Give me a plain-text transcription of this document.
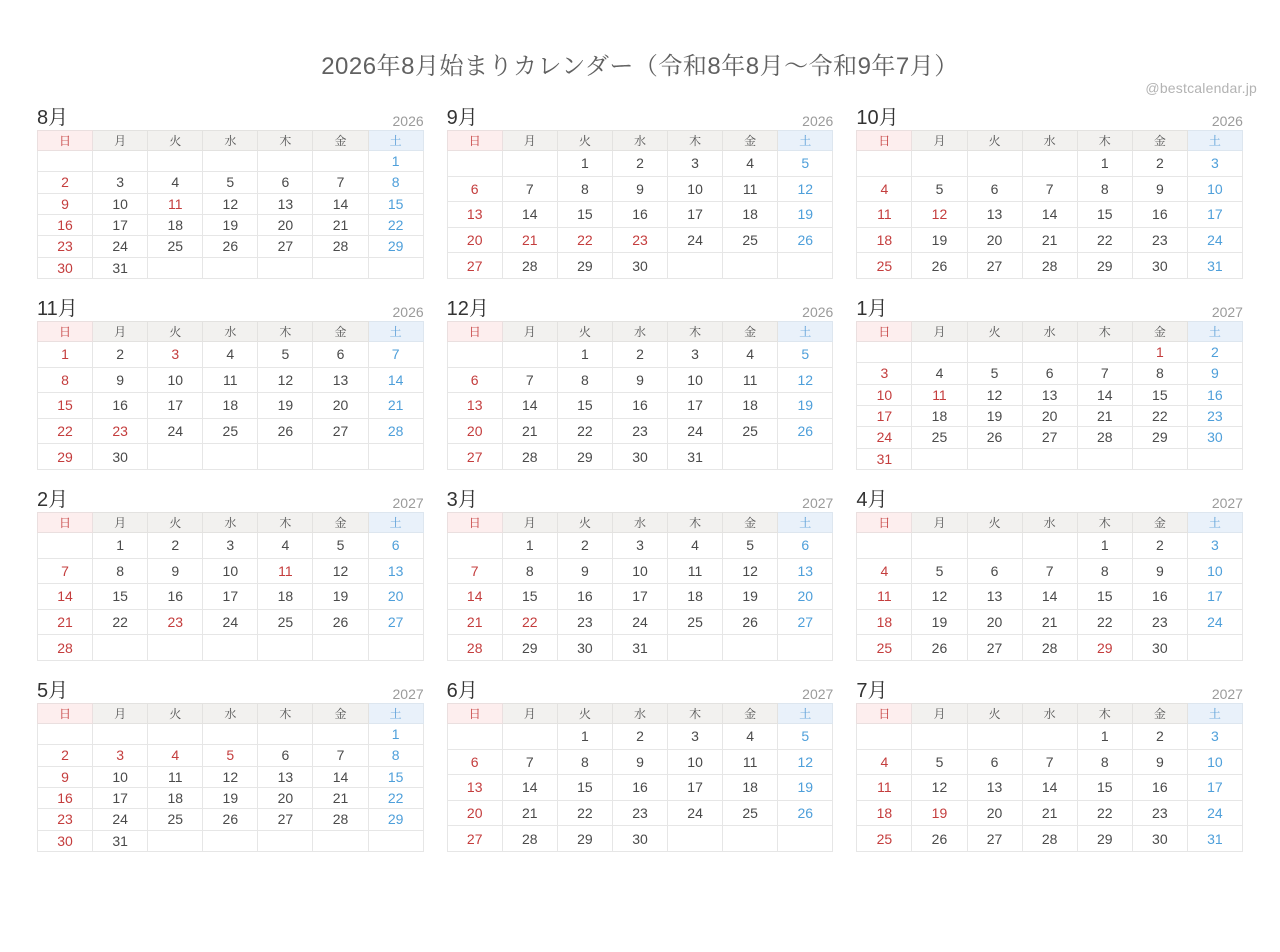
@bestcalendar.jp
2026年8月始まりカレンダー（令和8年8月～令和9年7月）
8月	2026
日	月	火	水	木	金	土
						1
2	3	4	5	6	7	8
9	10	11	12	13	14	15
16	17	18	19	20	21	22
23	24	25	26	27	28	29
30	31					
9月	2026
日	月	火	水	木	金	土
		1	2	3	4	5
6	7	8	9	10	11	12
13	14	15	16	17	18	19
20	21	22	23	24	25	26
27	28	29	30			
10月	2026
日	月	火	水	木	金	土
				1	2	3
4	5	6	7	8	9	10
11	12	13	14	15	16	17
18	19	20	21	22	23	24
25	26	27	28	29	30	31
11月	2026
日	月	火	水	木	金	土
1	2	3	4	5	6	7
8	9	10	11	12	13	14
15	16	17	18	19	20	21
22	23	24	25	26	27	28
29	30					
12月	2026
日	月	火	水	木	金	土
		1	2	3	4	5
6	7	8	9	10	11	12
13	14	15	16	17	18	19
20	21	22	23	24	25	26
27	28	29	30	31		
1月	2027
日	月	火	水	木	金	土
					1	2
3	4	5	6	7	8	9
10	11	12	13	14	15	16
17	18	19	20	21	22	23
24	25	26	27	28	29	30
31						
2月	2027
日	月	火	水	木	金	土
	1	2	3	4	5	6
7	8	9	10	11	12	13
14	15	16	17	18	19	20
21	22	23	24	25	26	27
28						
3月	2027
日	月	火	水	木	金	土
	1	2	3	4	5	6
7	8	9	10	11	12	13
14	15	16	17	18	19	20
21	22	23	24	25	26	27
28	29	30	31			
4月	2027
日	月	火	水	木	金	土
				1	2	3
4	5	6	7	8	9	10
11	12	13	14	15	16	17
18	19	20	21	22	23	24
25	26	27	28	29	30	
5月	2027
日	月	火	水	木	金	土
						1
2	3	4	5	6	7	8
9	10	11	12	13	14	15
16	17	18	19	20	21	22
23	24	25	26	27	28	29
30	31					
6月	2027
日	月	火	水	木	金	土
		1	2	3	4	5
6	7	8	9	10	11	12
13	14	15	16	17	18	19
20	21	22	23	24	25	26
27	28	29	30			
7月	2027
日	月	火	水	木	金	土
				1	2	3
4	5	6	7	8	9	10
11	12	13	14	15	16	17
18	19	20	21	22	23	24
25	26	27	28	29	30	31
